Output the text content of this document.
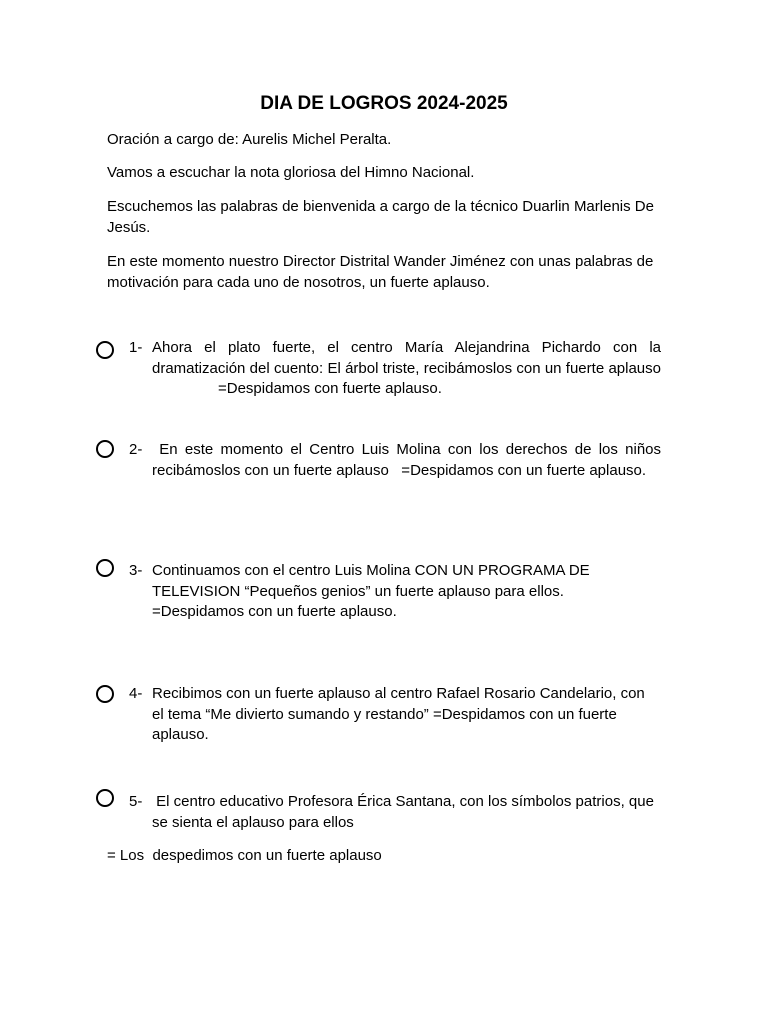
DIA DE LOGROS 2024-2025

Oración a cargo de: Aurelis Michel Peralta.

Vamos a escuchar la nota gloriosa del Himno Nacional.

Escuchemos las palabras de bienvenida a cargo de la técnico Duarlin Marlenis De Jesús.

En este momento nuestro Director Distrital Wander Jiménez con unas palabras de motivación para cada uno de nosotros, un fuerte aplauso.

1- Ahora el plato fuerte, el centro María Alejandrina Pichardo con la dramatización del cuento: El árbol triste, recibámoslos con un fuerte aplauso=Despidamos con fuerte aplauso.

2- En este momento el Centro Luis Molina con los derechos de los niños recibámoslos con un fuerte aplauso   =Despidamos con un fuerte aplauso.

3- Continuamos con el centro Luis Molina CON UN PROGRAMA DE TELEVISION “Pequeños genios” un fuerte aplauso para ellos. =Despidamos con un fuerte aplauso.

4- Recibimos con un fuerte aplauso al centro Rafael Rosario Candelario, con el tema “Me divierto sumando y restando” =Despidamos con un fuerte aplauso.

5- El centro educativo Profesora Érica Santana, con los símbolos patrios, que se sienta el aplauso para ellos

= Los  despedimos con un fuerte aplauso
